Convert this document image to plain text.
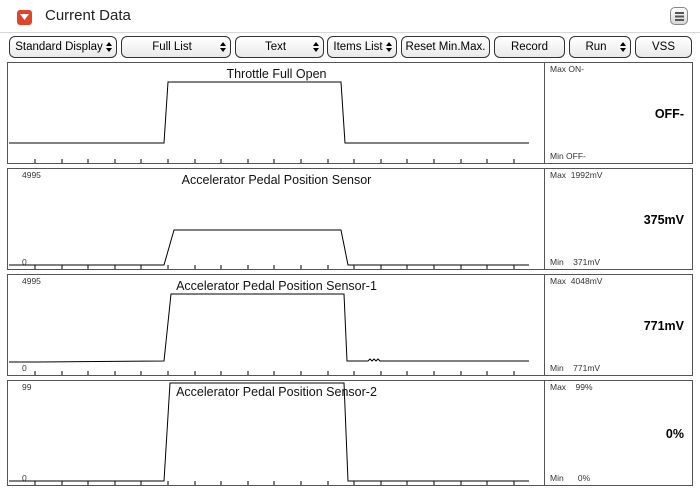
Current Data
Standard Display	Full List	Text	Items List Reset Min.Max. Record	Run	VSS
Throttle Full Open	Max ON-
OFF-
Min OFF-
4995	Accelerator Pedal Position Sensor
0
Max  1992mV
375mV
Min    371mV
4995	Accelerator Pedal Position Sensor-1
0
Max  4048mV
771mV
Min    771mV
99	Accelerator Pedal Position Sensor-2
0
Max    99%
0%
Min      0%
